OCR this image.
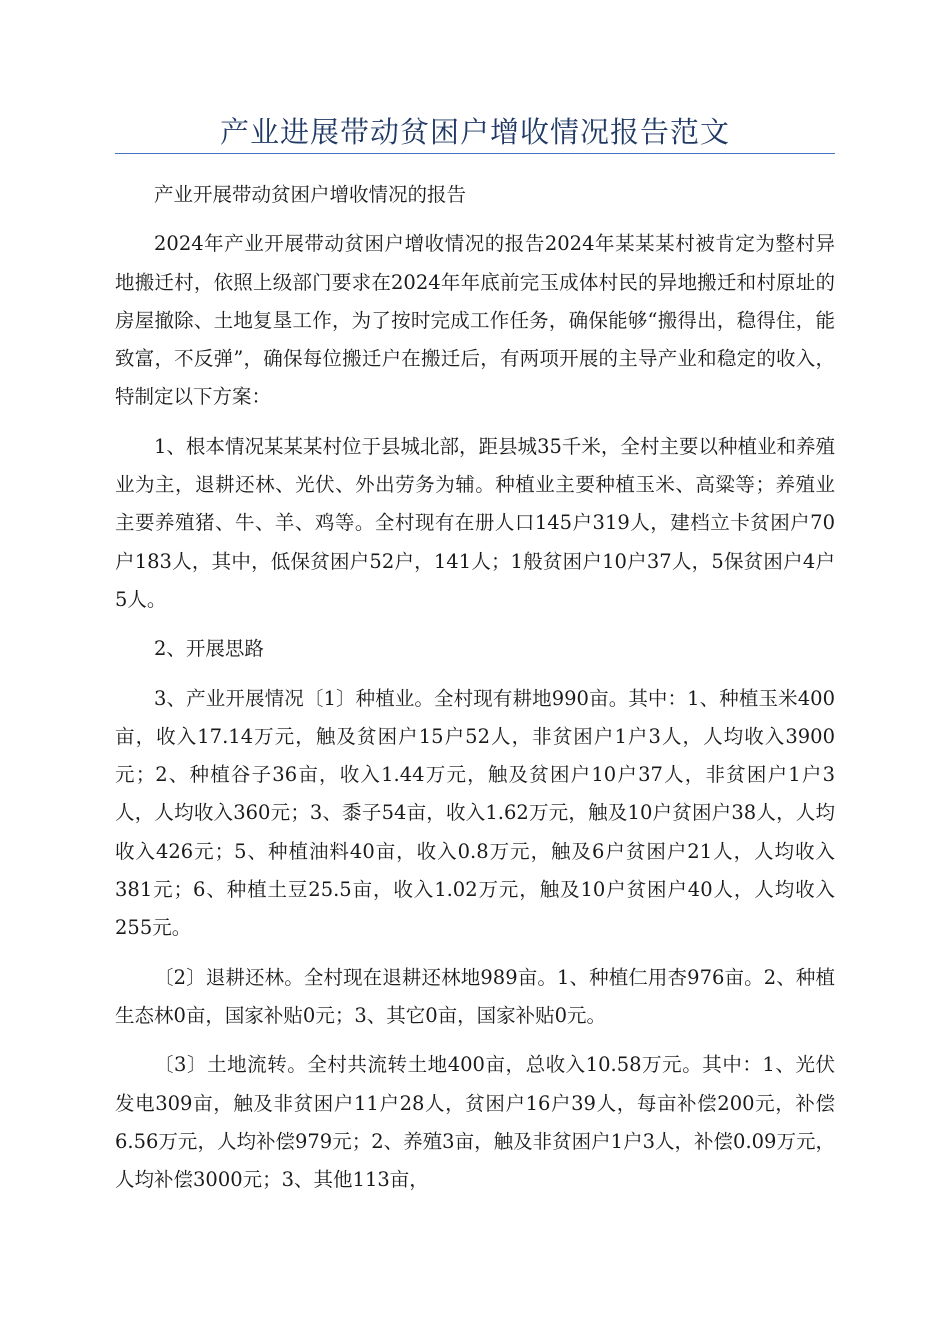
产业进展带动贫困户增收情况报告范文

产业开展带动贫困户增收情况的报告

2024年产业开展带动贫困户增收情况的报告2024年某某某村被肯定为整村异地搬迁村，依照上级部门要求在2024年年底前完玉成体村民的异地搬迁和村原址的房屋撤除、土地复垦工作，为了按时完成工作任务，确保能够“搬得出，稳得住，能致富，不反弹”，确保每位搬迁户在搬迁后，有两项开展的主导产业和稳定的收入，特制定以下方案：

1、根本情况某某某村位于县城北部，距县城35千米，全村主要以种植业和养殖业为主，退耕还林、光伏、外出劳务为辅。种植业主要种植玉米、高粱等；养殖业主要养殖猪、牛、羊、鸡等。全村现有在册人口145户319人，建档立卡贫困户70户183人，其中，低保贫困户52户，141人；1般贫困户10户37人，5保贫困户4户5人。

2、开展思路

3、产业开展情况〔1〕种植业。全村现有耕地990亩。其中：1、种植玉米400亩，收入17.14万元，触及贫困户15户52人，非贫困户1户3人，人均收入3900元；2、种植谷子36亩，收入1.44万元，触及贫困户10户37人，非贫困户1户3人，人均收入360元；3、黍子54亩，收入1.62万元，触及10户贫困户38人，人均收入426元；5、种植油料40亩，收入0.8万元，触及6户贫困户21人，人均收入381元；6、种植土豆25.5亩，收入1.02万元，触及10户贫困户40人，人均收入255元。

〔2〕退耕还林。全村现在退耕还林地989亩。1、种植仁用杏976亩。2、种植生态林0亩，国家补贴0元；3、其它0亩，国家补贴0元。

〔3〕土地流转。全村共流转土地400亩，总收入10.58万元。其中：1、光伏发电309亩，触及非贫困户11户28人，贫困户16户39人，每亩补偿200元，补偿6.56万元，人均补偿979元；2、养殖3亩，触及非贫困户1户3人，补偿0.09万元，人均补偿3000元；3、其他113亩，
